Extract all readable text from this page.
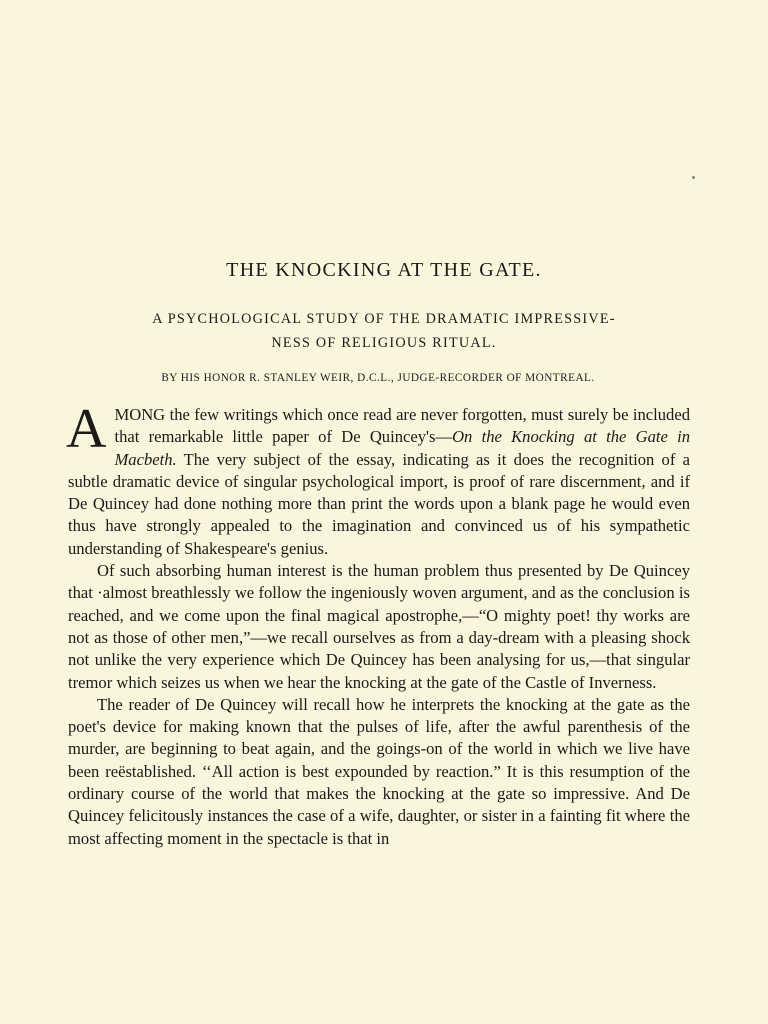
THE KNOCKING AT THE GATE.
A PSYCHOLOGICAL STUDY OF THE DRAMATIC IMPRESSIVE-
NESS OF RELIGIOUS RITUAL.

BY HIS HONOR R. STANLEY WEIR, D.C.L., JUDGE-RECORDER OF MONTREAL.

AMONG the few writings which once read are never forgotten, must surely be included that remarkable little paper of De Quincey's—On the Knocking at the Gate in Macbeth. The very subject of the essay, indicating as it does the recognition of a subtle dramatic device of singular psychological import, is proof of rare discernment, and if De Quincey had done nothing more than print the words upon a blank page he would even thus have strongly appealed to the imagination and convinced us of his sympathetic understanding of Shakespeare's genius.

Of such absorbing human interest is the human problem thus presented by De Quincey that ·almost breathlessly we follow the ingeniously woven argument, and as the conclusion is reached, and we come upon the final magical apostrophe,—“O mighty poet! thy works are not as those of other men,”—we recall ourselves as from a day-dream with a pleasing shock not unlike the very experience which De Quincey has been analysing for us,—that singular tremor which seizes us when we hear the knocking at the gate of the Castle of Inverness.

The reader of De Quincey will recall how he interprets the knocking at the gate as the poet's device for making known that the pulses of life, after the awful parenthesis of the murder, are beginning to beat again, and the goings-on of the world in which we live have been reëstablished. ‘‘All action is best expounded by reaction.” It is this resumption of the ordinary course of the world that makes the knocking at the gate so impressive. And De Quincey felicitously instances the case of a wife, daughter, or sister in a fainting fit where the most affecting moment in the spectacle is that in
